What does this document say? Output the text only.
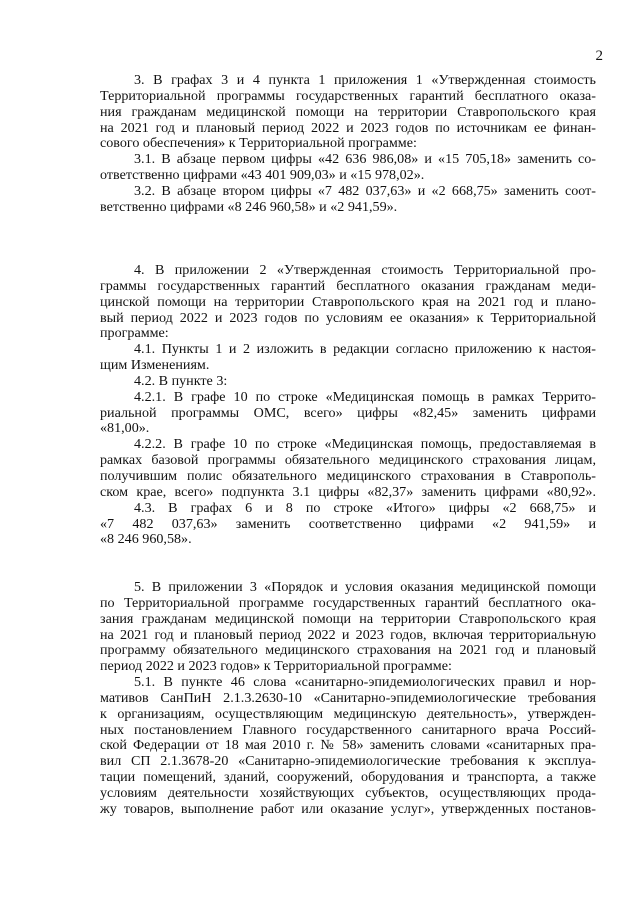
2
3. В графах 3 и 4 пункта 1 приложения 1 «Утвержденная стоимость
Территориальной программы государственных гарантий бесплатного оказа-
ния гражданам медицинской помощи на территории Ставропольского края
на 2021 год и плановый период 2022 и 2023 годов по источникам ее финан-
сового обеспечения» к Территориальной программе:
3.1. В абзаце первом цифры «42 636 986,08» и «15 705,18» заменить со-
ответственно цифрами «43 401 909,03» и «15 978,02».
3.2. В абзаце втором цифры «7 482 037,63» и «2 668,75» заменить соот-
ветственно цифрами «8 246 960,58» и «2 941,59».
4. В приложении 2 «Утвержденная стоимость Территориальной про-
граммы государственных гарантий бесплатного оказания гражданам меди-
цинской помощи на территории Ставропольского края на 2021 год и плано-
вый период 2022 и 2023 годов по условиям ее оказания» к Территориальной
программе:
4.1. Пункты 1 и 2 изложить в редакции согласно приложению к настоя-
щим Изменениям.
4.2. В пункте 3:
4.2.1. В графе 10 по строке «Медицинская помощь в рамках Террито-
риальной программы ОМС, всего» цифры «82,45» заменить цифрами
«81,00».
4.2.2. В графе 10 по строке «Медицинская помощь, предоставляемая в
рамках базовой программы обязательного медицинского страхования лицам,
получившим полис обязательного медицинского страхования в Ставрополь-
ском крае, всего» подпункта 3.1 цифры «82,37» заменить цифрами «80,92».
4.3. В графах 6 и 8 по строке «Итого» цифры «2 668,75» и
«7 482 037,63» заменить соответственно цифрами «2 941,59» и
«8 246 960,58».
5. В приложении 3 «Порядок и условия оказания медицинской помощи
по Территориальной программе государственных гарантий бесплатного ока-
зания гражданам медицинской помощи на территории Ставропольского края
на 2021 год и плановый период 2022 и 2023 годов, включая территориальную
программу обязательного медицинского страхования на 2021 год и плановый
период 2022 и 2023 годов» к Территориальной программе:
5.1. В пункте 46 слова «санитарно-эпидемиологических правил и нор-
мативов СанПиН 2.1.3.2630-10 «Санитарно-эпидемиологические требования
к организациям, осуществляющим медицинскую деятельность», утвержден-
ных постановлением Главного государственного санитарного врача Россий-
ской Федерации от 18 мая 2010 г. № 58» заменить словами «санитарных пра-
вил СП 2.1.3678-20 «Санитарно-эпидемиологические требования к эксплуа-
тации помещений, зданий, сооружений, оборудования и транспорта, а также
условиям деятельности хозяйствующих субъектов, осуществляющих прода-
жу товаров, выполнение работ или оказание услуг», утвержденных постанов-
